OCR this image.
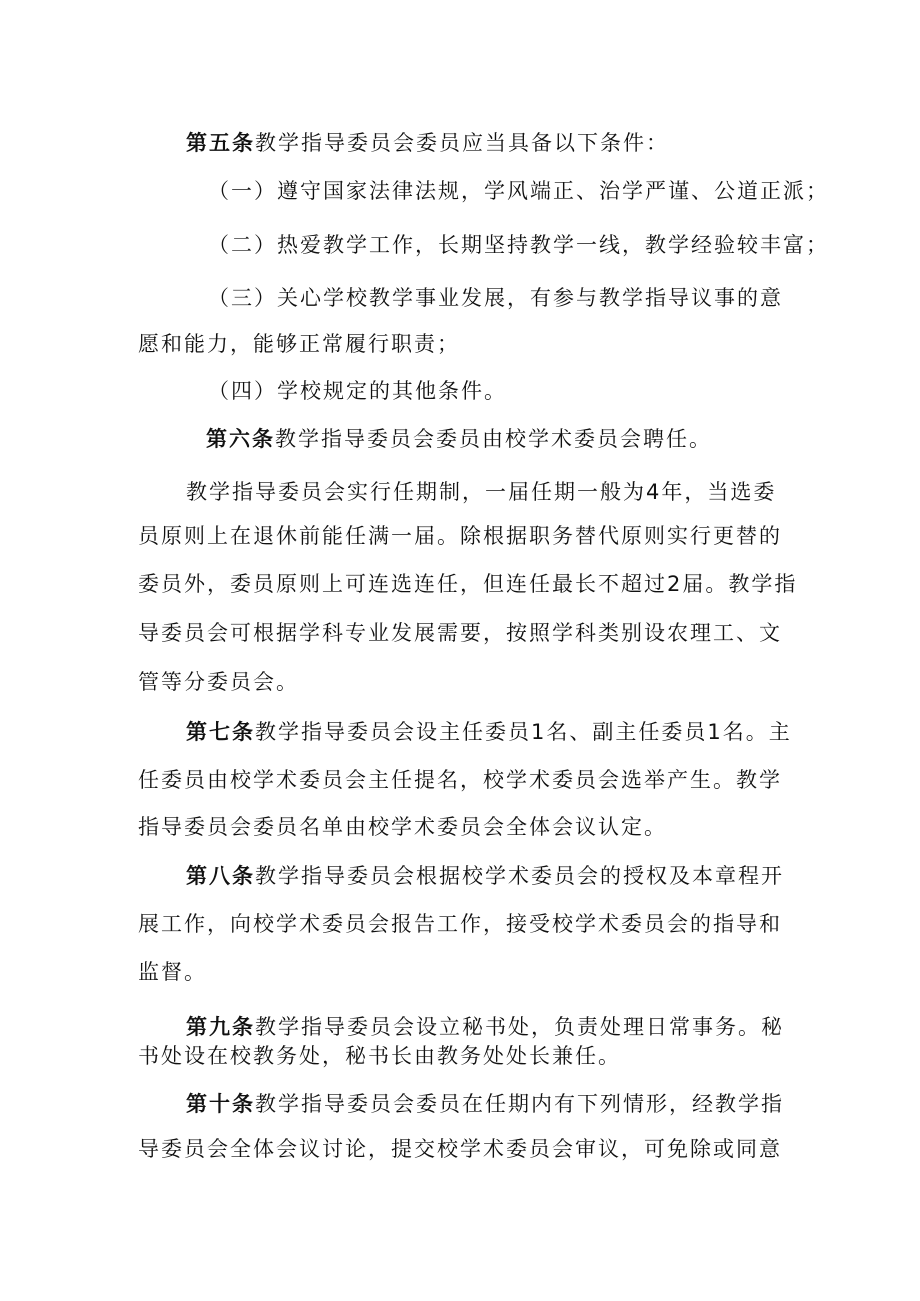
第五条教学指导委员会委员应当具备以下条件：
（一）遵守国家法律法规，学风端正、治学严谨、公道正派；
（二）热爱教学工作，长期坚持教学一线，教学经验较丰富；
（三）关心学校教学事业发展，有参与教学指导议事的意
愿和能力，能够正常履行职责；
（四）学校规定的其他条件。
第六条教学指导委员会委员由校学术委员会聘任。
教学指导委员会实行任期制，一届任期一般为4年，当选委
员原则上在退休前能任满一届。除根据职务替代原则实行更替的
委员外，委员原则上可连选连任，但连任最长不超过2届。教学指
导委员会可根据学科专业发展需要，按照学科类别设农理工、文
管等分委员会。
第七条教学指导委员会设主任委员1名、副主任委员1名。主
任委员由校学术委员会主任提名，校学术委员会选举产生。教学
指导委员会委员名单由校学术委员会全体会议认定。
第八条教学指导委员会根据校学术委员会的授权及本章程开
展工作，向校学术委员会报告工作，接受校学术委员会的指导和
监督。
第九条教学指导委员会设立秘书处，负责处理日常事务。秘
书处设在校教务处，秘书长由教务处处长兼任。
第十条教学指导委员会委员在任期内有下列情形，经教学指
导委员会全体会议讨论，提交校学术委员会审议，可免除或同意
